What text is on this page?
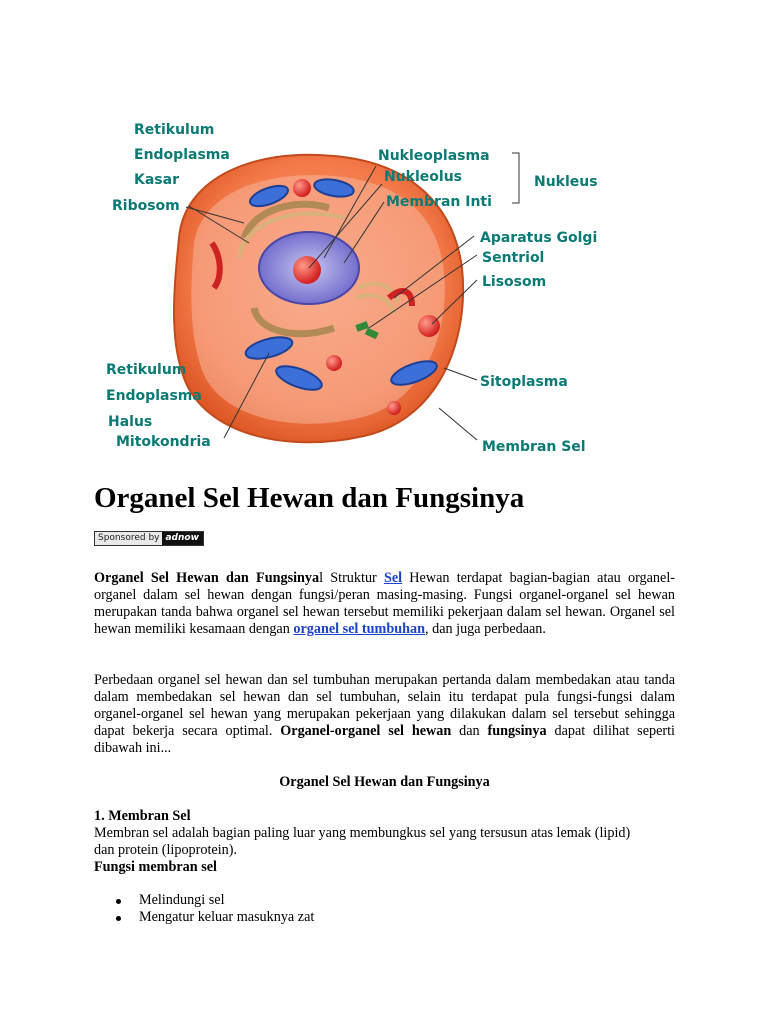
Retikulum
Endoplasma
Kasar
Ribosom
Retikulum
Endoplasma
Halus
Mitokondria
Nukleoplasma
Nukleolus
Membran Inti
Nukleus
Aparatus Golgi
Sentriol
Lisosom
Sitoplasma
Membran Sel
Organel Sel Hewan dan Fungsinya
Sponsored by adnow
Organel Sel Hewan dan Fungsinyal Struktur Sel Hewan terdapat bagian-bagian atau organel-organel dalam sel hewan dengan fungsi/peran masing-masing. Fungsi organel-organel sel hewan merupakan tanda bahwa organel sel hewan tersebut memiliki pekerjaan dalam sel hewan. Organel sel hewan memiliki kesamaan dengan organel sel tumbuhan, dan juga perbedaan.
Perbedaan organel sel hewan dan sel tumbuhan merupakan pertanda dalam membedakan atau tanda dalam membedakan sel hewan dan sel tumbuhan, selain itu terdapat pula fungsi-fungsi dalam organel-organel sel hewan yang merupakan pekerjaan yang dilakukan dalam sel tersebut sehingga dapat bekerja secara optimal. Organel-organel sel hewan dan fungsinya dapat dilihat seperti dibawah ini...
Organel Sel Hewan dan Fungsinya
1. Membran Sel
Membran sel adalah bagian paling luar yang membungkus sel yang tersusun atas lemak (lipid) dan protein (lipoprotein).
Fungsi membran sel
Melindungi sel
Mengatur keluar masuknya zat
